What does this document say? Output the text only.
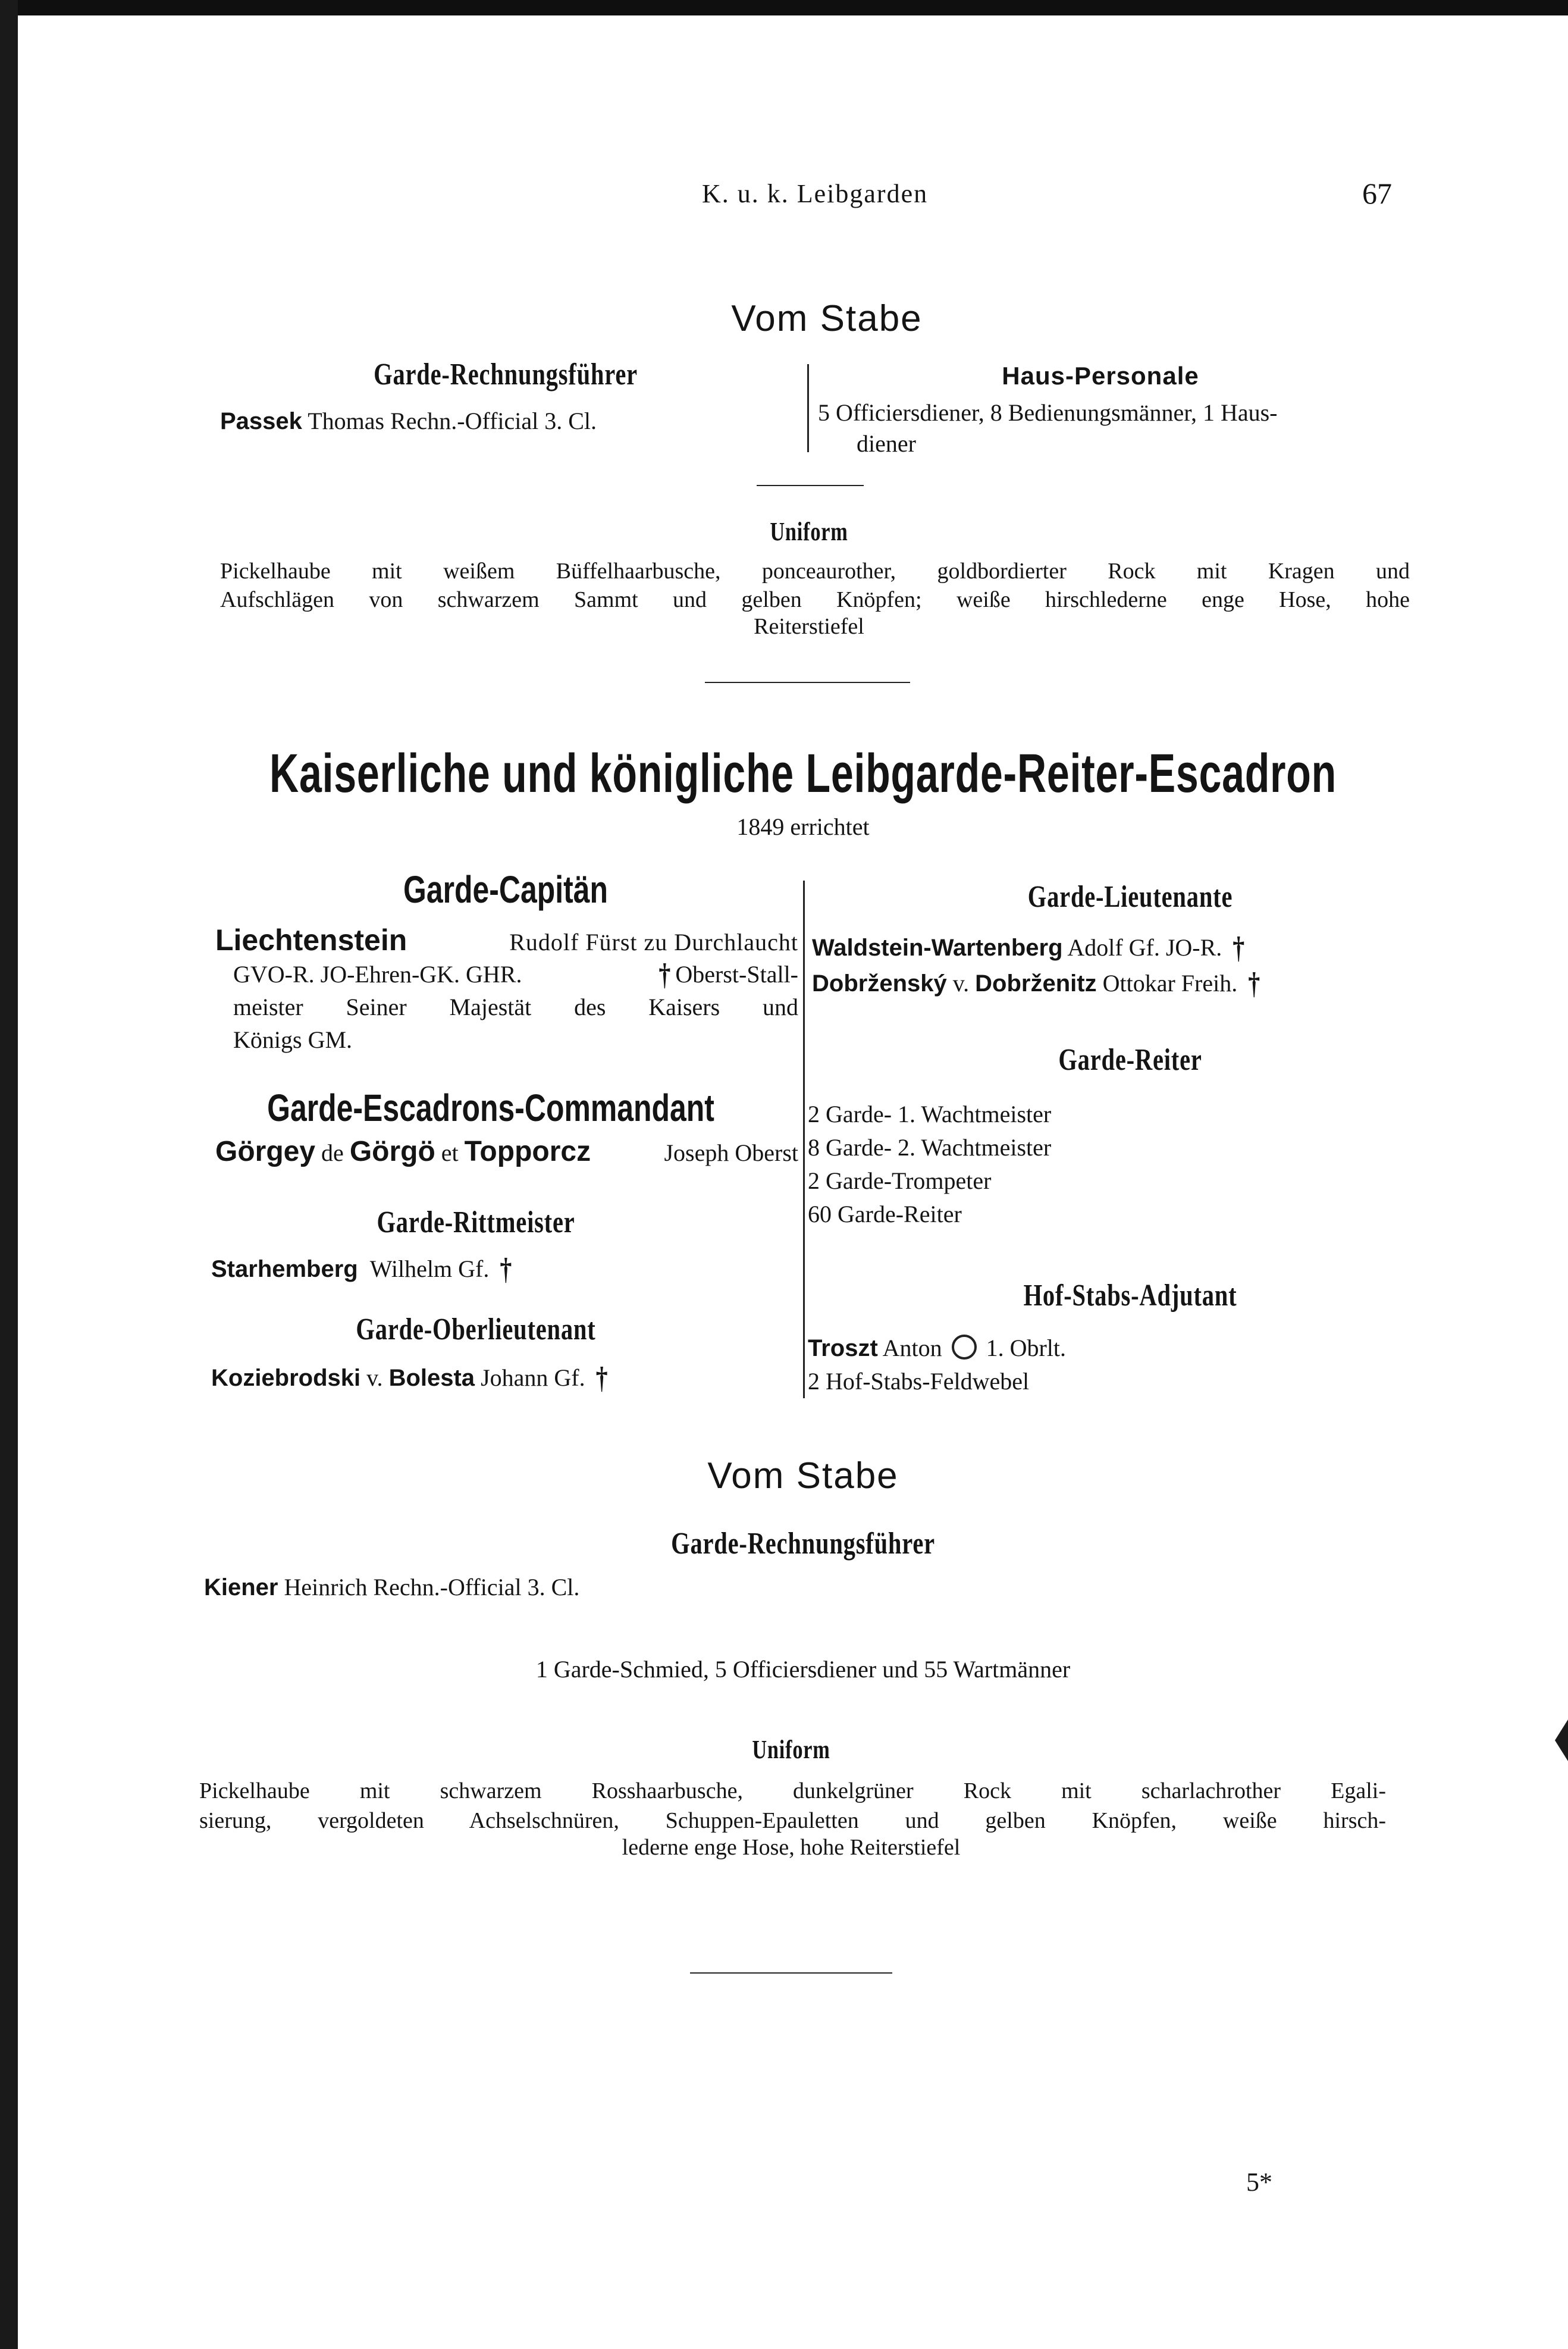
K. u. k. Leibgarden	67
Vom Stabe
Garde-Rechnungsführer
Passek Thomas Rechn.-Official 3. Cl.
Haus-Personale
5 Officiersdiener, 8 Bedienungsmänner, 1 Haus-
diener
Uniform
Pickelhaube mit weißem Büffelhaarbusche, ponceaurother, goldbordierter Rock mit Kragen und
Aufschlägen von schwarzem Sammt und gelben Knöpfen; weiße hirschlederne enge Hose, hohe
Reiterstiefel
Kaiserliche und königliche Leibgarde-Reiter-Escadron
1849 errichtet
Garde-Capitän
Liechtenstein	Rudolf Fürst zu Durchlaucht
GVO-R. JO-Ehren-GK. GHR.	† Oberst-Stall-
meister Seiner Majestät des Kaisers und
Königs GM.
Garde-Escadrons-Commandant
Görgey de Görgö et Topporcz	Joseph Oberst
Garde-Rittmeister
Starhemberg Wilhelm Gf. †
Garde-Oberlieutenant
Koziebrodski v. Bolesta Johann Gf. †
Garde-Lieutenante
Waldstein-Wartenberg Adolf Gf. JO-R. †
Dobrženský v. Dobrženitz Ottokar Freih. †
Garde-Reiter
2 Garde- 1. Wachtmeister
8 Garde- 2. Wachtmeister
2 Garde-Trompeter
60 Garde-Reiter
Hof-Stabs-Adjutant
Troszt Anton 1. Obrlt.
2 Hof-Stabs-Feldwebel
Vom Stabe
Garde-Rechnungsführer
Kiener Heinrich Rechn.-Official 3. Cl.
1 Garde-Schmied, 5 Officiersdiener und 55 Wartmänner
Uniform
Pickelhaube mit schwarzem Rosshaarbusche, dunkelgrüner Rock mit scharlachrother Egali-
sierung, vergoldeten Achselschnüren, Schuppen-Epauletten und gelben Knöpfen, weiße hirsch-
lederne enge Hose, hohe Reiterstiefel
5*
